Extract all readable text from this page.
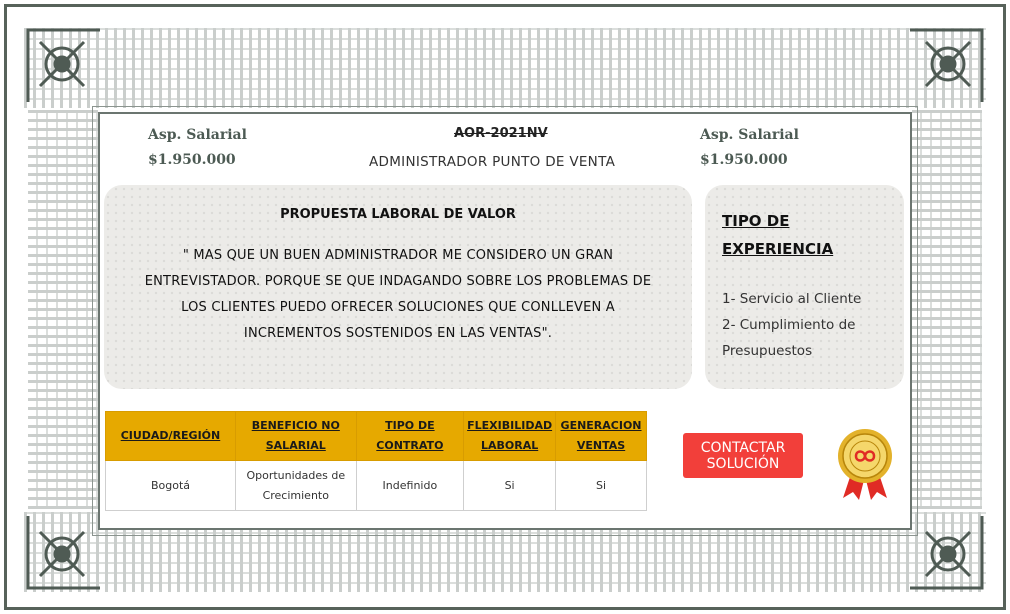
Asp. Salarial
$1.950.000
AOR-2021NV
ADMINISTRADOR PUNTO DE VENTA
Asp. Salarial
$1.950.000
PROPUESTA LABORAL DE VALOR
" MAS QUE UN BUEN ADMINISTRADOR ME CONSIDERO UN GRAN ENTREVISTADOR. PORQUE SE QUE INDAGANDO SOBRE LOS PROBLEMAS DE LOS CLIENTES PUEDO OFRECER SOLUCIONES QUE CONLLEVEN A INCREMENTOS SOSTENIDOS EN LAS VENTAS".
TIPO DE EXPERIENCIA
1- Servicio al Cliente
2- Cumplimiento de Presupuestos
CIUDAD/REGIÓN	BENEFICIO NO SALARIAL	TIPO DE CONTRATO	FLEXIBILIDAD LABORAL	GENERACION VENTAS
Bogotá	Oportunidades de Crecimiento	Indefinido	Si	Si
CONTACTAR SOLUCIÓN
